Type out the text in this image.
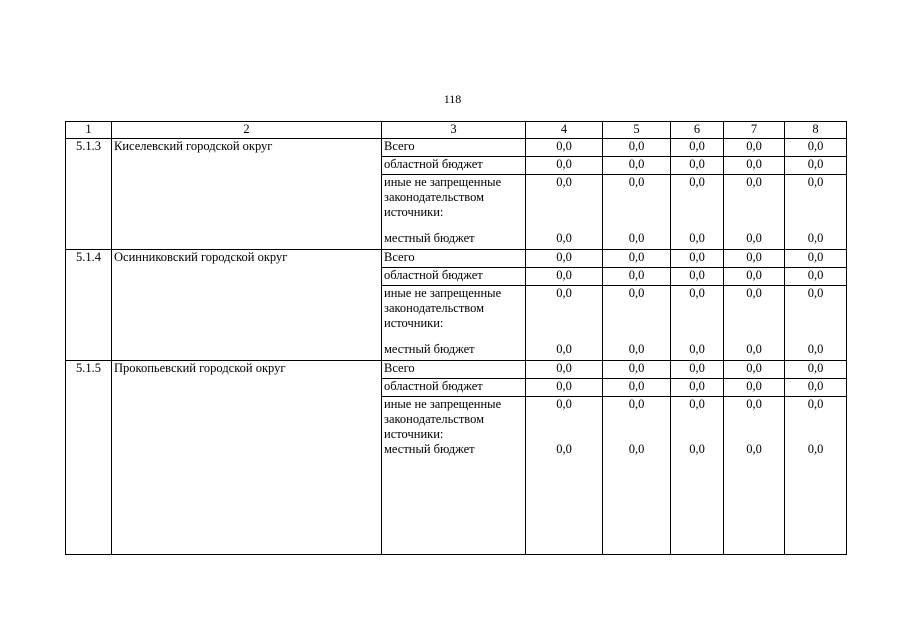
118
1	2	3	4	5	6	7	8
5.1.3	Киселевский городской округ	Всего	0,0	0,0	0,0	0,0	0,0
		областной бюджет	0,0	0,0	0,0	0,0	0,0
		иные не запрещенные законодательством источники:	0,0	0,0	0,0	0,0	0,0
		местный бюджет	0,0	0,0	0,0	0,0	0,0
5.1.4	Осинниковский городской округ	Всего	0,0	0,0	0,0	0,0	0,0
		областной бюджет	0,0	0,0	0,0	0,0	0,0
		иные не запрещенные законодательством источники:	0,0	0,0	0,0	0,0	0,0
		местный бюджет	0,0	0,0	0,0	0,0	0,0
5.1.5	Прокопьевский городской округ	Всего	0,0	0,0	0,0	0,0	0,0
		областной бюджет	0,0	0,0	0,0	0,0	0,0
		иные не запрещенные законодательством источники:	0,0	0,0	0,0	0,0	0,0
		местный бюджет	0,0	0,0	0,0	0,0	0,0
